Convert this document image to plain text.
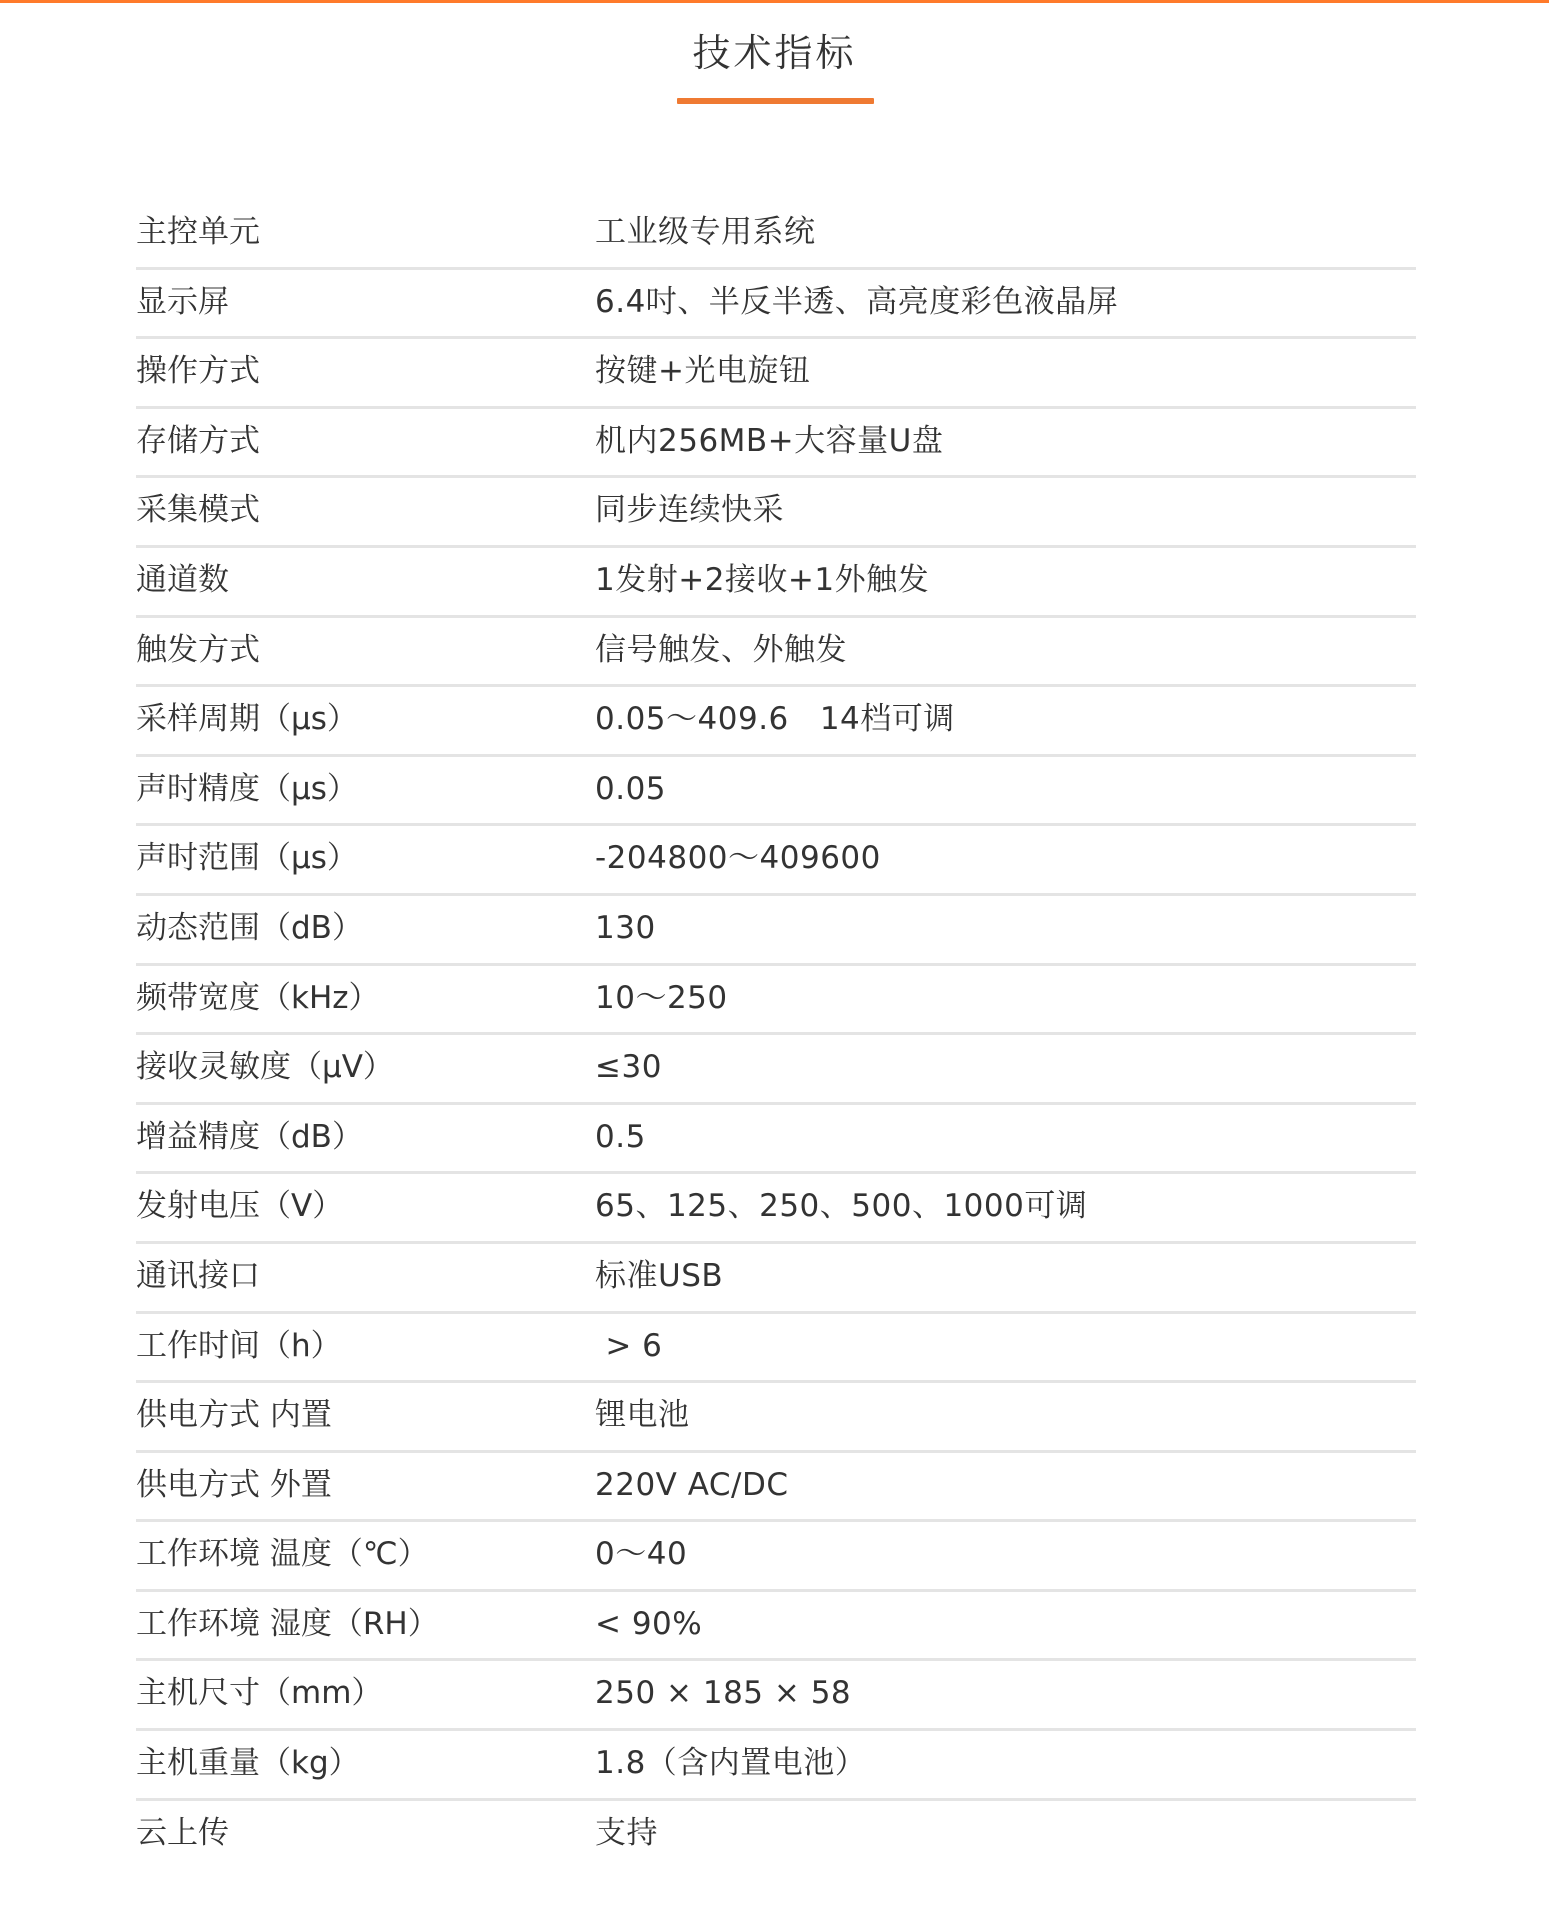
技术指标
主控单元	工业级专用系统
显示屏	6.4吋、半反半透、高亮度彩色液晶屏
操作方式	按键+光电旋钮
存储方式	机内256MB+大容量U盘
采集模式	同步连续快采
通道数	1发射+2接收+1外触发
触发方式	信号触发、外触发
采样周期（μs）	0.05～409.6   14档可调
声时精度（μs）	0.05
声时范围（μs）	-204800～409600
动态范围（dB）	130
频带宽度（kHz）	10～250
接收灵敏度（μV）	≤30
增益精度（dB）	0.5
发射电压（V）	65、125、250、500、1000可调
通讯接口	标准USB
工作时间（h）	> 6
供电方式 内置	锂电池
供电方式 外置	220V AC/DC
工作环境 温度（℃）	0～40
工作环境 湿度（RH）	< 90%
主机尺寸（mm）	250 × 185 × 58
主机重量（kg）	1.8（含内置电池）
云上传	支持
